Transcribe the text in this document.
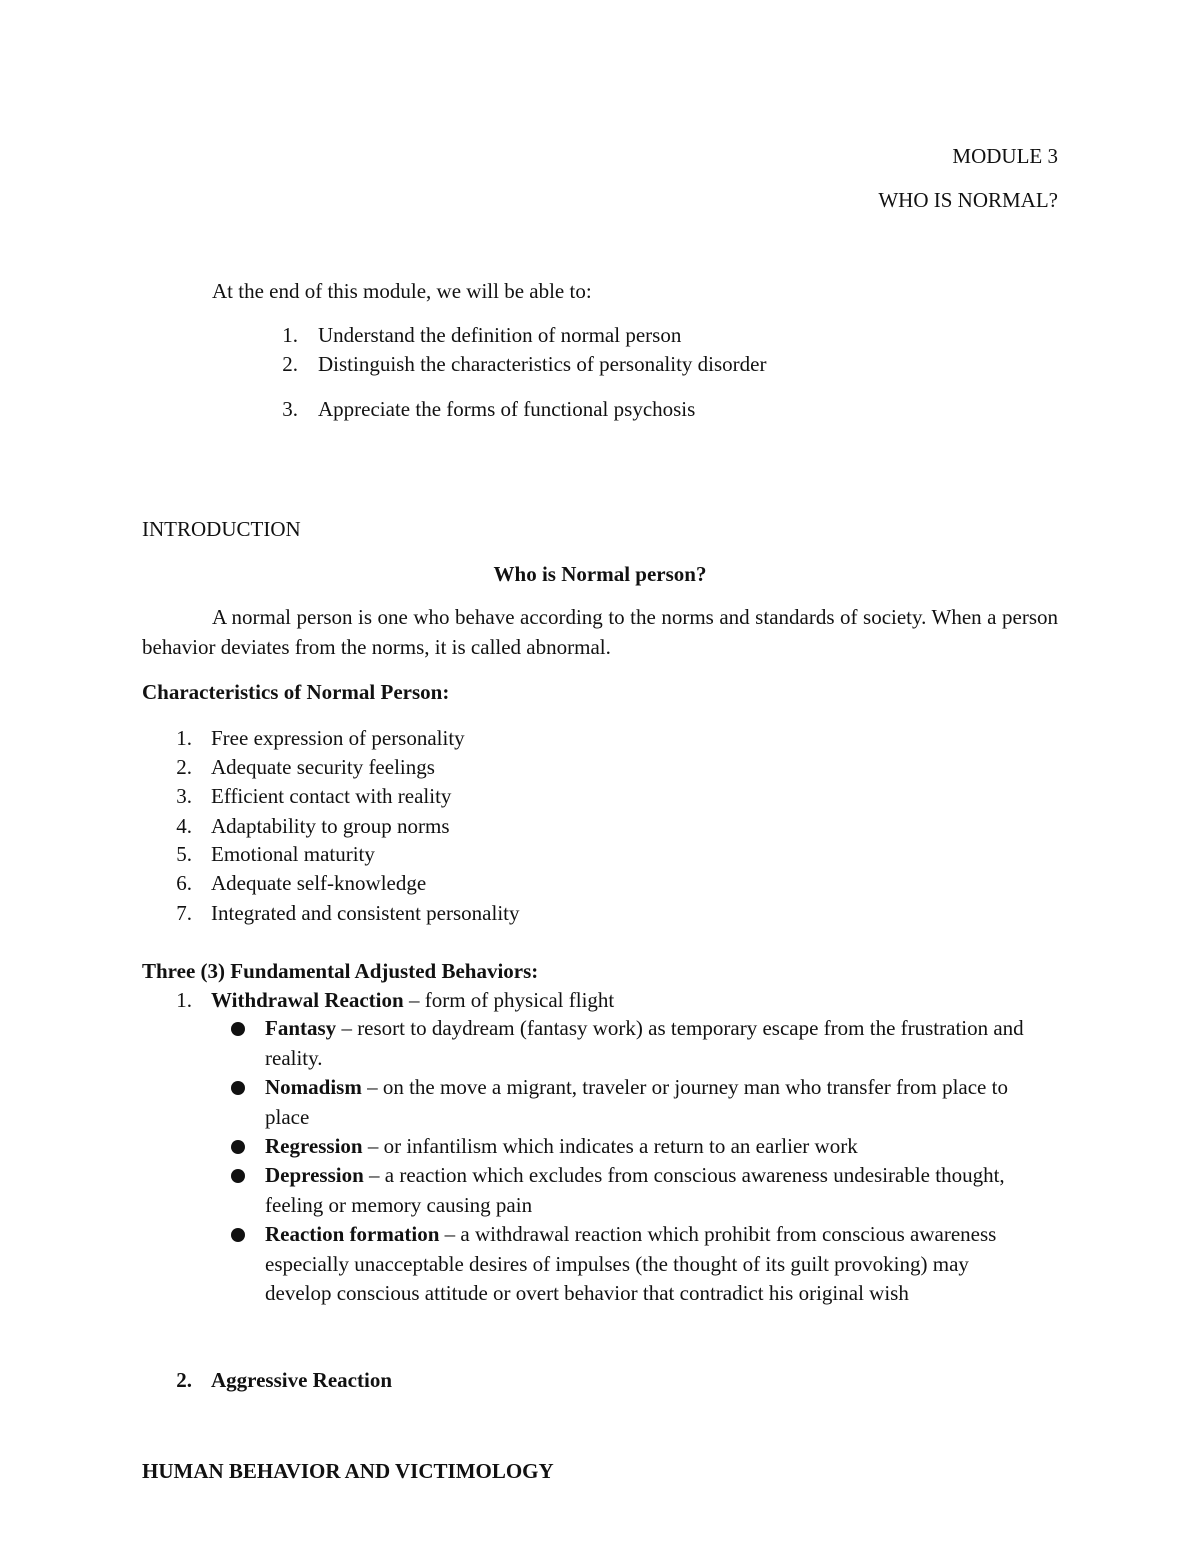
MODULE 3
WHO IS NORMAL?
At the end of this module, we will be able to:
1. Understand the definition of normal person
2. Distinguish the characteristics of personality disorder
3. Appreciate the forms of functional psychosis
INTRODUCTION
Who is Normal person?
A normal person is one who behave according to the norms and standards of society. When a person behavior deviates from the norms, it is called abnormal.
Characteristics of Normal Person:
1. Free expression of personality
2. Adequate security feelings
3. Efficient contact with reality
4. Adaptability to group norms
5. Emotional maturity
6. Adequate self-knowledge
7. Integrated and consistent personality
Three (3) Fundamental Adjusted Behaviors:
1. Withdrawal Reaction – form of physical flight
Fantasy – resort to daydream (fantasy work) as temporary escape from the frustration and reality.
Nomadism – on the move a migrant, traveler or journey man who transfer from place to place
Regression – or infantilism which indicates a return to an earlier work
Depression – a reaction which excludes from conscious awareness undesirable thought, feeling or memory causing pain
Reaction formation – a withdrawal reaction which prohibit from conscious awareness especially unacceptable desires of impulses (the thought of its guilt provoking) may develop conscious attitude or overt behavior that contradict his original wish
2. Aggressive Reaction
HUMAN BEHAVIOR AND VICTIMOLOGY
